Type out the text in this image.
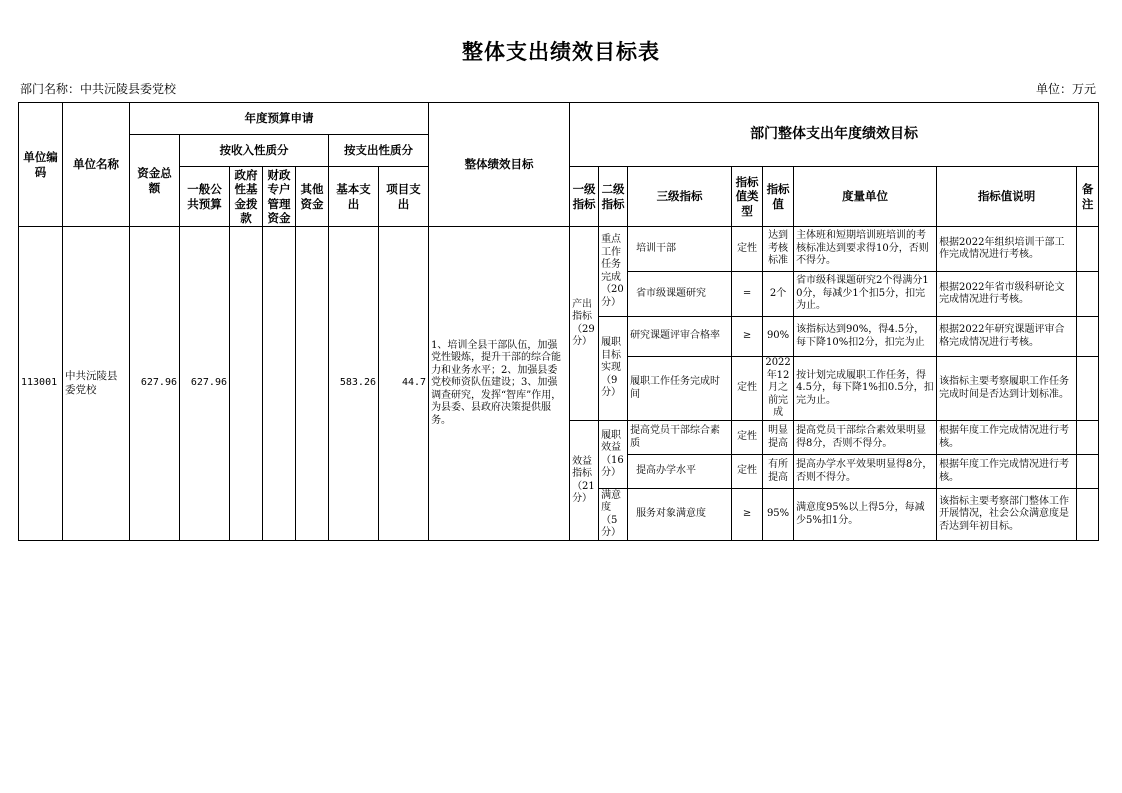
整体支出绩效目标表
部门名称：中共沅陵县委党校	单位：万元
单位编码	单位名称	年度预算申请							整体绩效目标	部门整体支出年度绩效目标							
		资金总额	按收入性质分				按支出性质分										
			一般公共预算	政府性基金拨款	财政专户管理资金	其他资金	基本支出	项目支出		一级指标	二级指标	三级指标	指标值类型	指标值	度量单位	指标值说明	备注

113001	中共沅陵县委党校	627.96	627.96				583.26	44.7	1、培训全县干部队伍，加强党性锻炼，提升干部的综合能力和业务水平；2、加强县委党校师资队伍建设；3、加强调查研究，发挥“智库”作用，为县委、县政府决策提供服务。	产出指标（29分）	重点工作任务完成（20分）	培训干部	定性	达到考核标准	主体班和短期培训班培训的考核标准达到要求得10分，否则不得分。	根据2022年组织培训干部工作完成情况进行考核。	
												省市级课题研究	=	2个	省市级科课题研究2个得满分10分，每减少1个扣5分，扣完为止。	根据2022年省市级科研论文完成情况进行考核。	
											履职目标实现（9分）	研究课题评审合格率	≥	90%	该指标达到90%，得4.5分，每下降10%扣2分，扣完为止	根据2022年研究课题评审合格完成情况进行考核。	
												履职工作任务完成时间	定性	2022年12月之前完成	按计划完成履职工作任务，得4.5分，每下降1%扣0.5分，扣完为止。	该指标主要考察履职工作任务完成时间是否达到计划标准。	
										效益指标（21分）	履职效益（16分）	提高党员干部综合素质	定性	明显提高	提高党员干部综合素效果明显得8分，否则不得分。	根据年度工作完成情况进行考核。	
												提高办学水平	定性	有所提高	提高办学水平效果明显得8分，否则不得分。	根据年度工作完成情况进行考核。	
											满意度（5分）	服务对象满意度	≥	95%	满意度95%以上得5分，每减少5%扣1分。	该指标主要考察部门整体工作开展情况，社会公众满意度是否达到年初目标。	
